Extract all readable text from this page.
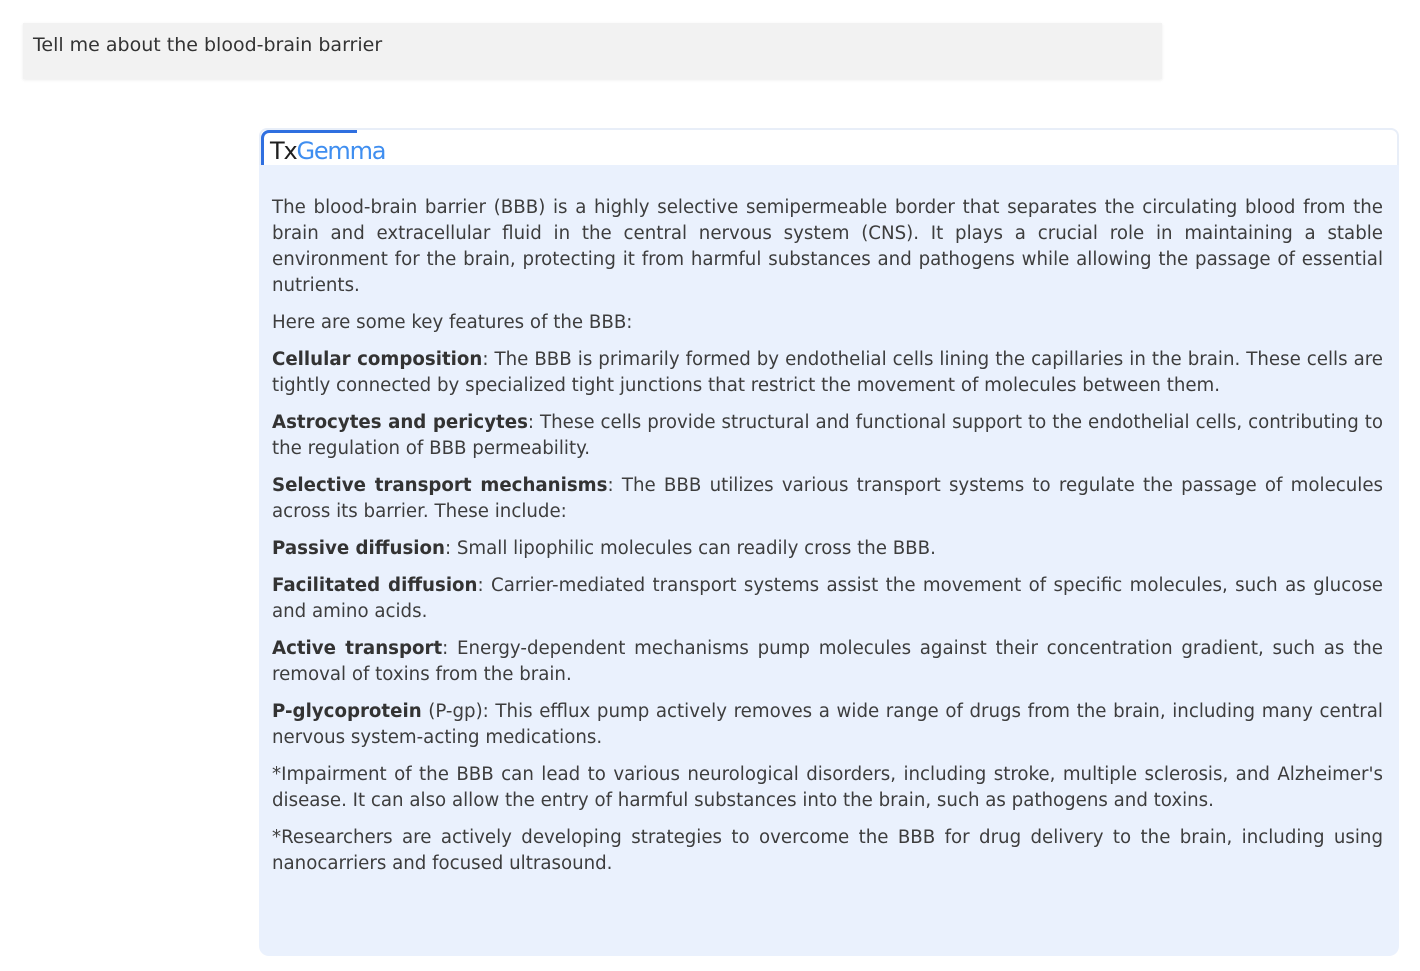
Tell me about the blood-brain barrier
TxGemma

The blood-brain barrier (BBB) is a highly selective semipermeable border that separates the circulating blood from the brain and extracellular fluid in the central nervous system (CNS). It plays a crucial role in maintaining a stable environment for the brain, protecting it from harmful substances and pathogens while allowing the passage of essential nutrients.

Here are some key features of the BBB:

Cellular composition: The BBB is primarily formed by endothelial cells lining the capillaries in the brain. These cells are tightly connected by specialized tight junctions that restrict the movement of molecules between them.

Astrocytes and pericytes: These cells provide structural and functional support to the endothelial cells, contributing to the regulation of BBB permeability.

Selective transport mechanisms: The BBB utilizes various transport systems to regulate the passage of molecules across its barrier. These include:

Passive diffusion: Small lipophilic molecules can readily cross the BBB.

Facilitated diffusion: Carrier-mediated transport systems assist the movement of specific molecules, such as glucose and amino acids.

Active transport: Energy-dependent mechanisms pump molecules against their concentration gradient, such as the removal of toxins from the brain.

P-glycoprotein (P-gp): This efflux pump actively removes a wide range of drugs from the brain, including many central nervous system-acting medications.

*Impairment of the BBB can lead to various neurological disorders, including stroke, multiple sclerosis, and Alzheimer's disease. It can also allow the entry of harmful substances into the brain, such as pathogens and toxins.

*Researchers are actively developing strategies to overcome the BBB for drug delivery to the brain, including using nanocarriers and focused ultrasound.
